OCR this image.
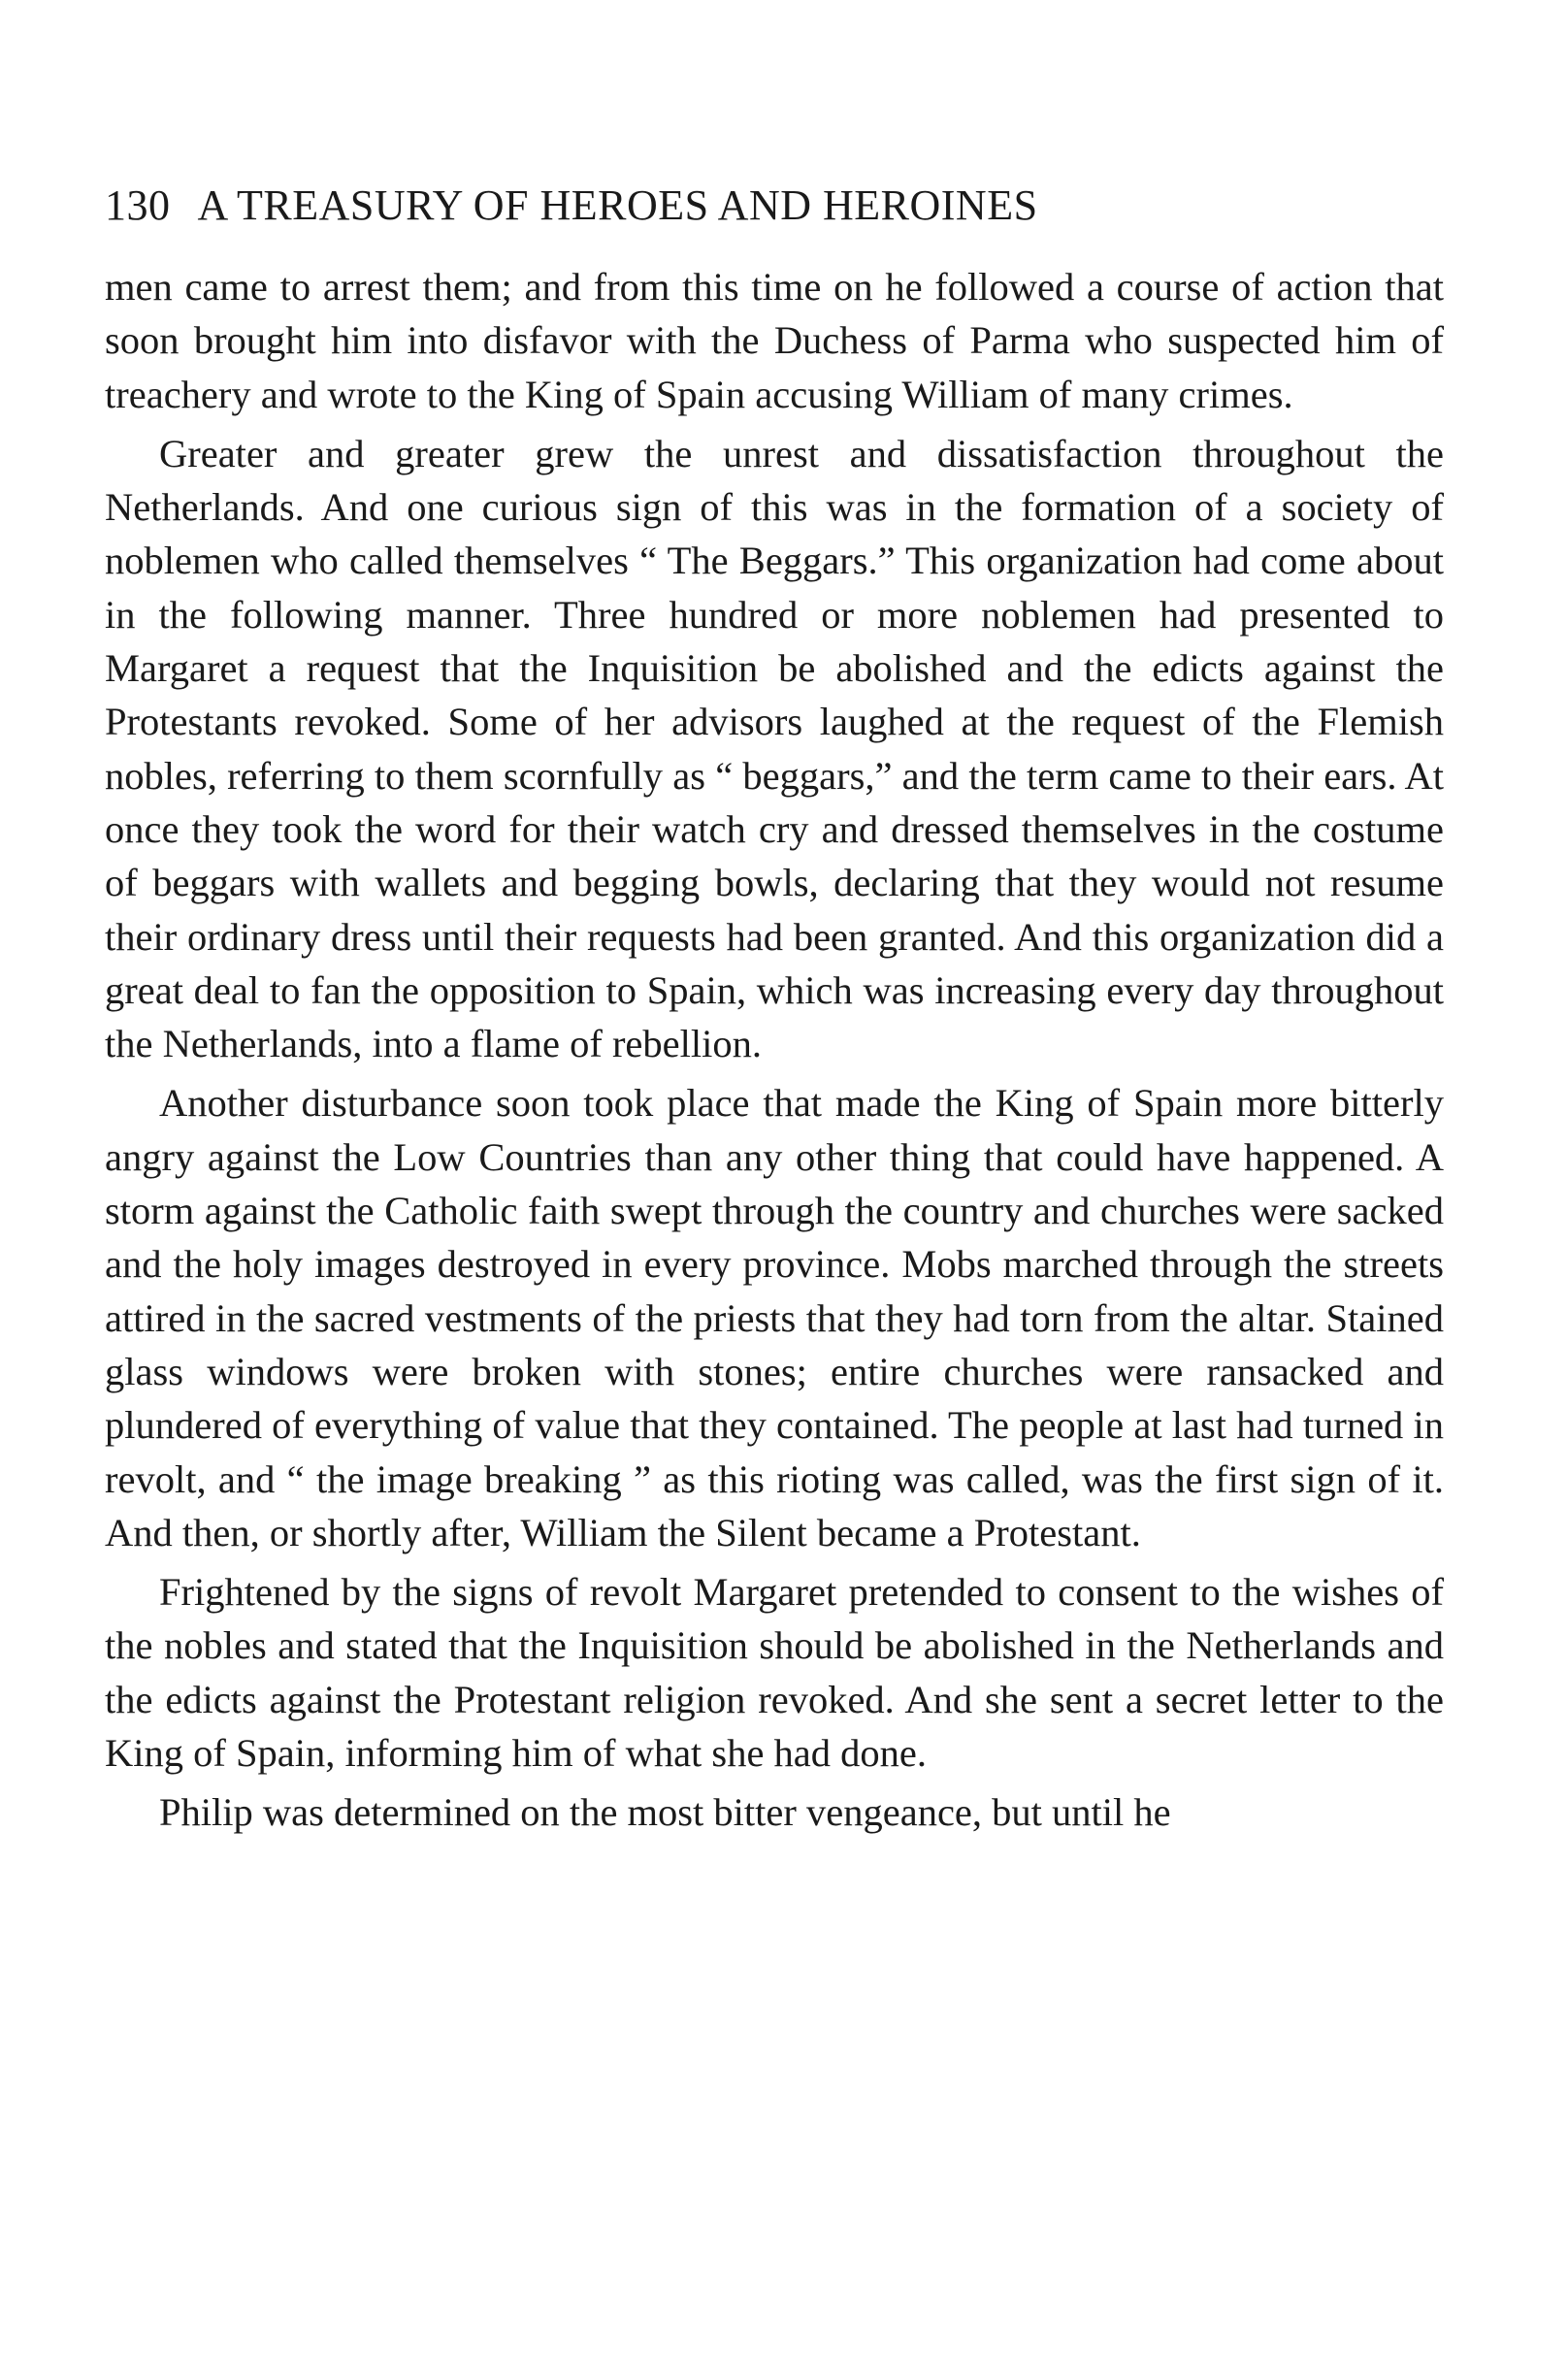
130 A TREASURY OF HEROES AND HEROINES

men came to arrest them; and from this time on he followed a course of action that soon brought him into disfavor with the Duchess of Parma who suspected him of treachery and wrote to the King of Spain accusing William of many crimes.

Greater and greater grew the unrest and dissatisfaction throughout the Netherlands. And one curious sign of this was in the formation of a society of noblemen who called themselves “ The Beggars.” This organization had come about in the following manner. Three hundred or more noblemen had presented to Margaret a request that the Inquisition be abolished and the edicts against the Protestants revoked. Some of her advisors laughed at the request of the Flemish nobles, referring to them scornfully as “ beggars,” and the term came to their ears. At once they took the word for their watch cry and dressed themselves in the costume of beggars with wallets and begging bowls, declaring that they would not resume their ordinary dress until their requests had been granted. And this organization did a great deal to fan the opposition to Spain, which was increasing every day throughout the Netherlands, into a flame of rebellion.

Another disturbance soon took place that made the King of Spain more bitterly angry against the Low Countries than any other thing that could have happened. A storm against the Catholic faith swept through the country and churches were sacked and the holy images destroyed in every province. Mobs marched through the streets attired in the sacred vestments of the priests that they had torn from the altar. Stained glass windows were broken with stones; entire churches were ransacked and plundered of everything of value that they contained. The people at last had turned in revolt, and “ the image breaking ” as this rioting was called, was the first sign of it. And then, or shortly after, William the Silent became a Protestant.

Frightened by the signs of revolt Margaret pretended to consent to the wishes of the nobles and stated that the Inquisition should be abolished in the Netherlands and the edicts against the Protestant religion revoked. And she sent a secret letter to the King of Spain, informing him of what she had done.

Philip was determined on the most bitter vengeance, but until he
